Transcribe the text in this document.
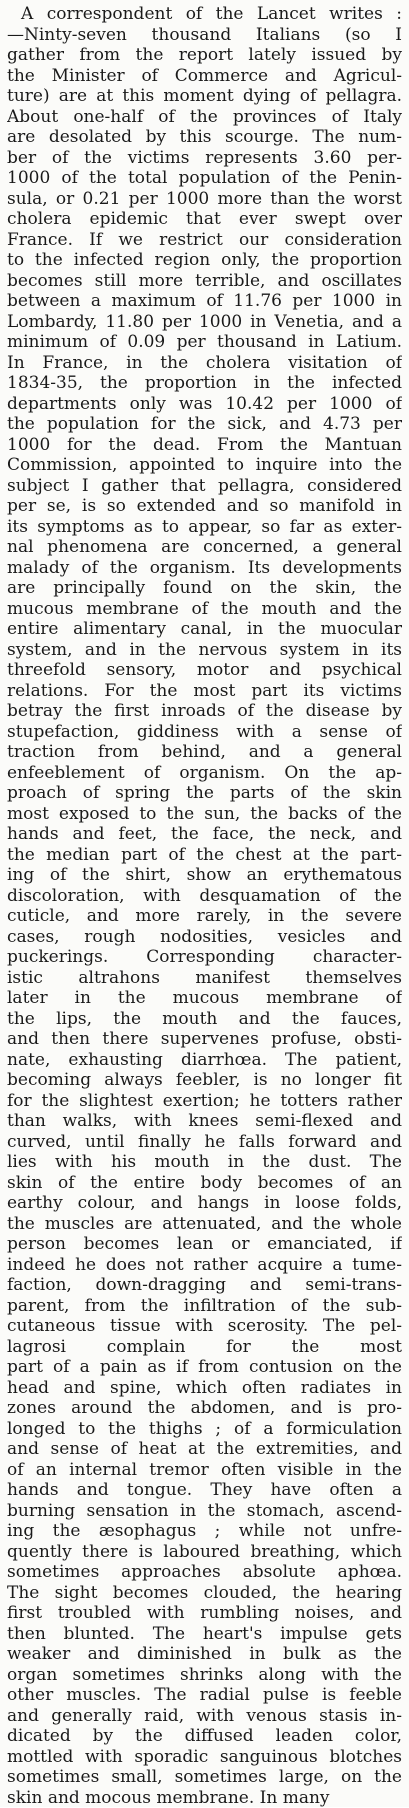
A correspondent of the Lancet writes :
—Ninty-seven thousand Italians (so I
gather from the report lately issued by
the Minister of Commerce and Agricul-
ture) are at this moment dying of pellagra.
About one-half of the provinces of Italy
are desolated by this scourge. The num-
ber of the victims represents 3.60 per-
1000 of the total population of the Penin-
sula, or 0.21 per 1000 more than the worst
cholera epidemic that ever swept over
France. If we restrict our consideration
to the infected region only, the proportion
becomes still more terrible, and oscillates
between a maximum of 11.76 per 1000 in
Lombardy, 11.80 per 1000 in Venetia, and a
minimum of 0.09 per thousand in Latium.
In France, in the cholera visitation of
1834-35, the proportion in the infected
departments only was 10.42 per 1000 of
the population for the sick, and 4.73 per
1000 for the dead. From the Mantuan
Commission, appointed to inquire into the
subject I gather that pellagra, considered
per se, is so extended and so manifold in
its symptoms as to appear, so far as exter-
nal phenomena are concerned, a general
malady of the organism. Its developments
are principally found on the skin, the
mucous membrane of the mouth and the
entire alimentary canal, in the muocular
system, and in the nervous system in its
threefold sensory, motor and psychical
relations. For the most part its victims
betray the first inroads of the disease by
stupefaction, giddiness with a sense of
traction from behind, and a general
enfeeblement of organism. On the ap-
proach of spring the parts of the skin
most exposed to the sun, the backs of the
hands and feet, the face, the neck, and
the median part of the chest at the part-
ing of the shirt, show an erythematous
discoloration, with desquamation of the
cuticle, and more rarely, in the severe
cases, rough nodosities, vesicles and
puckerings. Corresponding character-
istic altrahons manifest themselves
later in the mucous membrane of
the lips, the mouth and the fauces,
and then there supervenes profuse, obsti-
nate, exhausting diarrhœa. The patient,
becoming always feebler, is no longer fit
for the slightest exertion; he totters rather
than walks, with knees semi-flexed and
curved, until finally he falls forward and
lies with his mouth in the dust. The
skin of the entire body becomes of an
earthy colour, and hangs in loose folds,
the muscles are attenuated, and the whole
person becomes lean or emanciated, if
indeed he does not rather acquire a tume-
faction, down-dragging and semi-trans-
parent, from the infiltration of the sub-
cutaneous tissue with scerosity. The pel-
lagrosi complain for the most
part of a pain as if from contusion on the
head and spine, which often radiates in
zones around the abdomen, and is pro-
longed to the thighs ; of a formiculation
and sense of heat at the extremities, and
of an internal tremor often visible in the
hands and tongue. They have often a
burning sensation in the stomach, ascend-
ing the æsophagus ; while not unfre-
quently there is laboured breathing, which
sometimes approaches absolute aphœa.
The sight becomes clouded, the hearing
first troubled with rumbling noises, and
then blunted. The heart's impulse gets
weaker and diminished in bulk as the
organ sometimes shrinks along with the
other muscles. The radial pulse is feeble
and generally raid, with venous stasis in-
dicated by the diffused leaden color,
mottled with sporadic sanguinous blotches
sometimes small, sometimes large, on the
skin and mocous membrane. In many
